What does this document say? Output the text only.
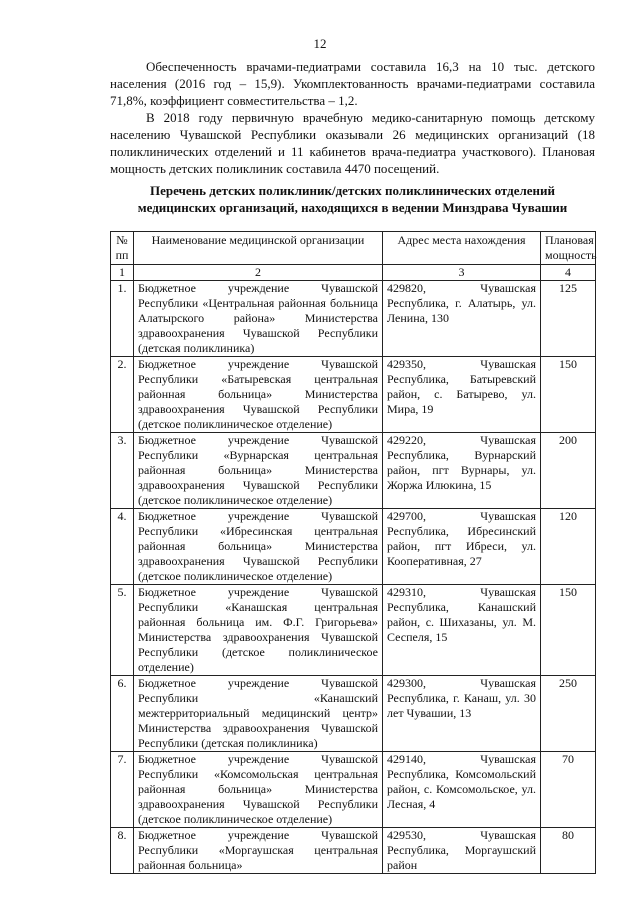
12

Обеспеченность врачами-педиатрами составила 16,3 на 10 тыс. детского населения (2016 год – 15,9). Укомплектованность врачами-педиатрами составила 71,8%, коэффициент совместительства – 1,2.

В 2018 году первичную врачебную медико-санитарную помощь детскому населению Чувашской Республики оказывали 26 медицинских организаций (18 поликлинических отделений и 11 кабинетов врача-педиатра участкового). Плановая мощность детских поликлиник составила 4470 посещений.

Перечень детских поликлиник/детских поликлинических отделений медицинских организаций, находящихся в ведении Минздрава Чувашии
№ пп	Наименование медицинской организации	Адрес места нахождения	Плановая мощность
1	2	3	4
1.	Бюджетное учреждение Чувашской Республики «Центральная районная больница Алатырского района» Министерства здравоохранения Чувашской Республики (детская поликлиника)	429820, Чувашская Республика, г. Алатырь, ул. Ленина, 130	125
2.	Бюджетное учреждение Чувашской Республики «Батыревская центральная районная больница» Министерства здравоохранения Чувашской Республики (детское поликлиническое отделение)	429350, Чувашская Республика, Батыревский район, с. Батырево, ул. Мира, 19	150
3.	Бюджетное учреждение Чувашской Республики «Вурнарская центральная районная больница» Министерства здравоохранения Чувашской Республики (детское поликлиническое отделение)	429220, Чувашская Республика, Вурнарский район, пгт Вурнары, ул. Жоржа Илюкина, 15	200
4.	Бюджетное учреждение Чувашской Республики «Ибресинская центральная районная больница» Министерства здравоохранения Чувашской Республики (детское поликлиническое отделение)	429700, Чувашская Республика, Ибресинский район, пгт Ибреси, ул. Кооперативная, 27	120
5.	Бюджетное учреждение Чувашской Республики «Канашская центральная районная больница им. Ф.Г. Григорьева» Министерства здравоохранения Чувашской Республики (детское поликлиническое отделение)	429310, Чувашская Республика, Канашский район, с. Шихазаны, ул. М. Сеспеля, 15	150
6.	Бюджетное учреждение Чувашской Республики «Канашский межтерриториальный медицинский центр» Министерства здравоохранения Чувашской Республики (детская поликлиника)	429300, Чувашская Республика, г. Канаш, ул. 30 лет Чувашии, 13	250
7.	Бюджетное учреждение Чувашской Республики «Комсомольская центральная районная больница» Министерства здравоохранения Чувашской Республики (детское поликлиническое отделение)	429140, Чувашская Республика, Комсомольский район, с. Комсомольское, ул. Лесная, 4	70
8.	Бюджетное учреждение Чувашской Республики «Моргаушская центральная районная больница»	429530, Чувашская Республика, Моргаушский район	80
